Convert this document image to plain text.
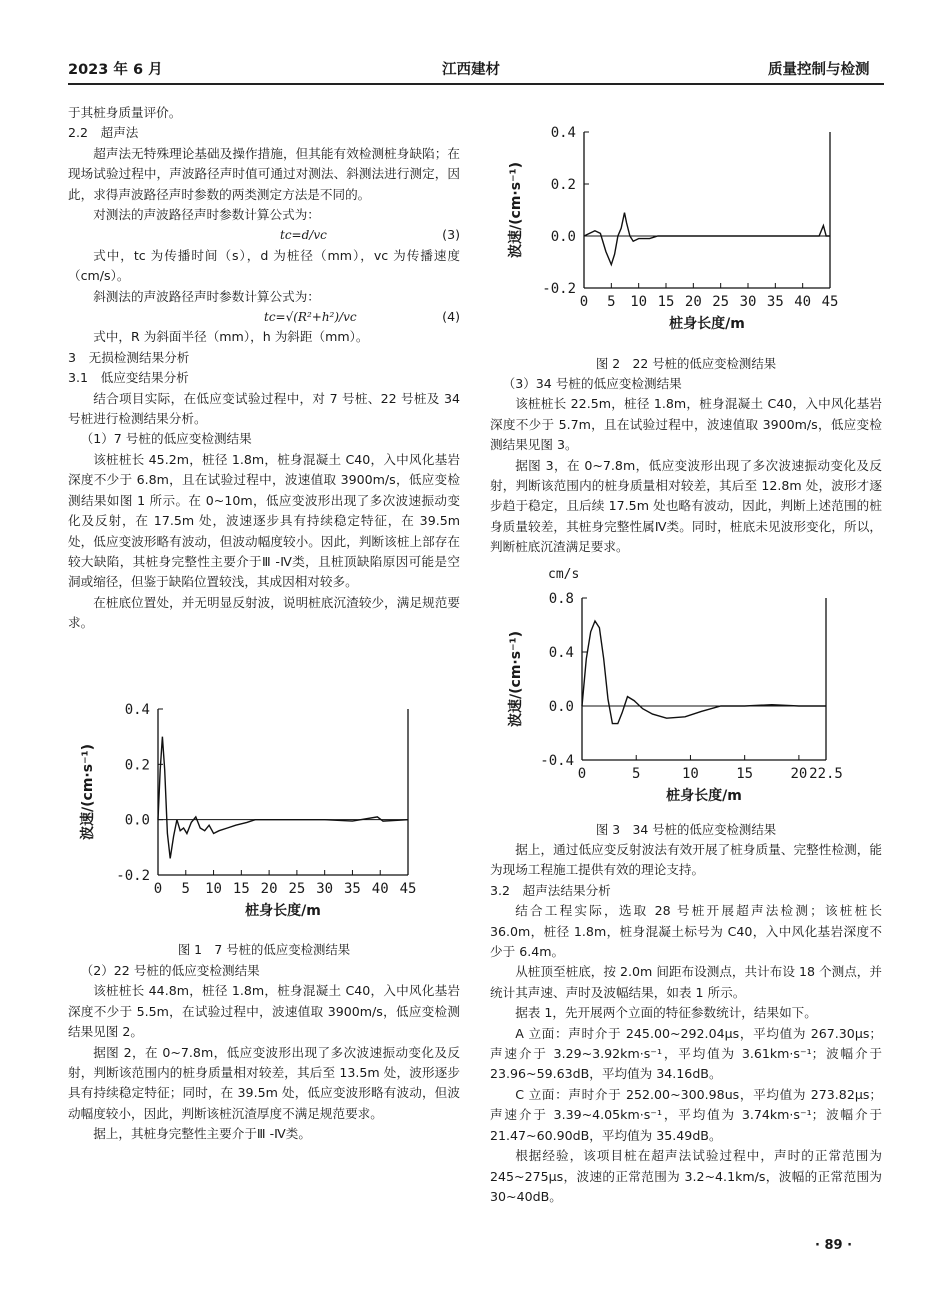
2023 年 6 月	江西建材	质量控制与检测

于其桩身质量评价。

2.2　超声法

超声法无特殊理论基础及操作措施，但其能有效检测桩身缺陷；在现场试验过程中，声波路径声时值可通过对测法、斜测法进行测定，因此，求得声波路径声时参数的两类测定方法是不同的。

对测法的声波路径声时参数计算公式为：

tc=d/vc	(3)

式中，tc 为传播时间（s），d 为桩径（mm），vc 为传播速度（cm/s）。

斜测法的声波路径声时参数计算公式为：

tc=√(R²+h²)/vc	(4)

式中，R 为斜面半径（mm），h 为斜距（mm）。

3　无损检测结果分析

3.1　低应变结果分析

结合项目实际，在低应变试验过程中，对 7 号桩、22 号桩及 34 号桩进行检测结果分析。

（1）7 号桩的低应变检测结果

该桩桩长 45.2m，桩径 1.8m，桩身混凝土 C40，入中风化基岩深度不少于 6.8m，且在试验过程中，波速值取 3900m/s，低应变检测结果如图 1 所示。在 0~10m，低应变波形出现了多次波速振动变化及反射，在 17.5m 处，波速逐步具有持续稳定特征，在 39.5m 处，低应变波形略有波动，但波动幅度较小。因此，判断该桩上部存在较大缺陷，其桩身完整性主要介于Ⅲ -Ⅳ类，且桩顶缺陷原因可能是空洞或缩径，但鉴于缺陷位置较浅，其成因相对较多。

在桩底位置处，并无明显反射波，说明桩底沉渣较少，满足规范要求。

0.4
0.2
0.0
-0.2
0 5 10 15 20 25 30 35 40 45
桩身长度/m
波速/(cm·s⁻¹)
图 1　7 号桩的低应变检测结果

（2）22 号桩的低应变检测结果

该桩桩长 44.8m，桩径 1.8m，桩身混凝土 C40，入中风化基岩深度不少于 5.5m，在试验过程中，波速值取 3900m/s，低应变检测结果见图 2。

据图 2，在 0~7.8m，低应变波形出现了多次波速振动变化及反射，判断该范围内的桩身质量相对较差，其后至 13.5m 处，波形逐步具有持续稳定特征；同时，在 39.5m 处，低应变波形略有波动，但波动幅度较小，因此，判断该桩沉渣厚度不满足规范要求。

据上，其桩身完整性主要介于Ⅲ -Ⅳ类。

0.4
0.2
0.0
-0.2
0 5 10 15 20 25 30 35 40 45
桩身长度/m
波速/(cm·s⁻¹)
图 2　22 号桩的低应变检测结果

（3）34 号桩的低应变检测结果

该桩桩长 22.5m，桩径 1.8m，桩身混凝土 C40，入中风化基岩深度不少于 5.7m，且在试验过程中，波速值取 3900m/s，低应变检测结果见图 3。

据图 3，在 0~7.8m，低应变波形出现了多次波速振动变化及反射，判断该范围内的桩身质量相对较差，其后至 12.8m 处，波形才逐步趋于稳定，且后续 17.5m 处也略有波动，因此，判断上述范围的桩身质量较差，其桩身完整性属Ⅳ类。同时，桩底未见波形变化，所以，判断桩底沉渣满足要求。

0.8
0.4
0.0
-0.4
0	5	10	15	20 22.5
桩身长度/m
波速/(cm·s⁻¹)
cm/s
图 3　34 号桩的低应变检测结果

据上，通过低应变反射波法有效开展了桩身质量、完整性检测，能为现场工程施工提供有效的理论支持。

3.2　超声法结果分析

结合工程实际，选取 28 号桩开展超声法检测；该桩桩长 36.0m，桩径 1.8m，桩身混凝土标号为 C40，入中风化基岩深度不少于 6.4m。

从桩顶至桩底，按 2.0m 间距布设测点，共计布设 18 个测点，并统计其声速、声时及波幅结果，如表 1 所示。

据表 1，先开展两个立面的特征参数统计，结果如下。

A 立面：声时介于 245.00~292.04μs，平均值为 267.30μs；声速介于 3.29~3.92km·s⁻¹，平均值为 3.61km·s⁻¹；波幅介于 23.96~59.63dB，平均值为 34.16dB。

C 立面：声时介于 252.00~300.98us，平均值为 273.82μs；声速介于 3.39~4.05km·s⁻¹，平均值为 3.74km·s⁻¹；波幅介于 21.47~60.90dB，平均值为 35.49dB。

根据经验，该项目桩在超声法试验过程中，声时的正常范围为 245~275μs，波速的正常范围为 3.2~4.1km/s，波幅的正常范围为 30~40dB。

· 89 ·
